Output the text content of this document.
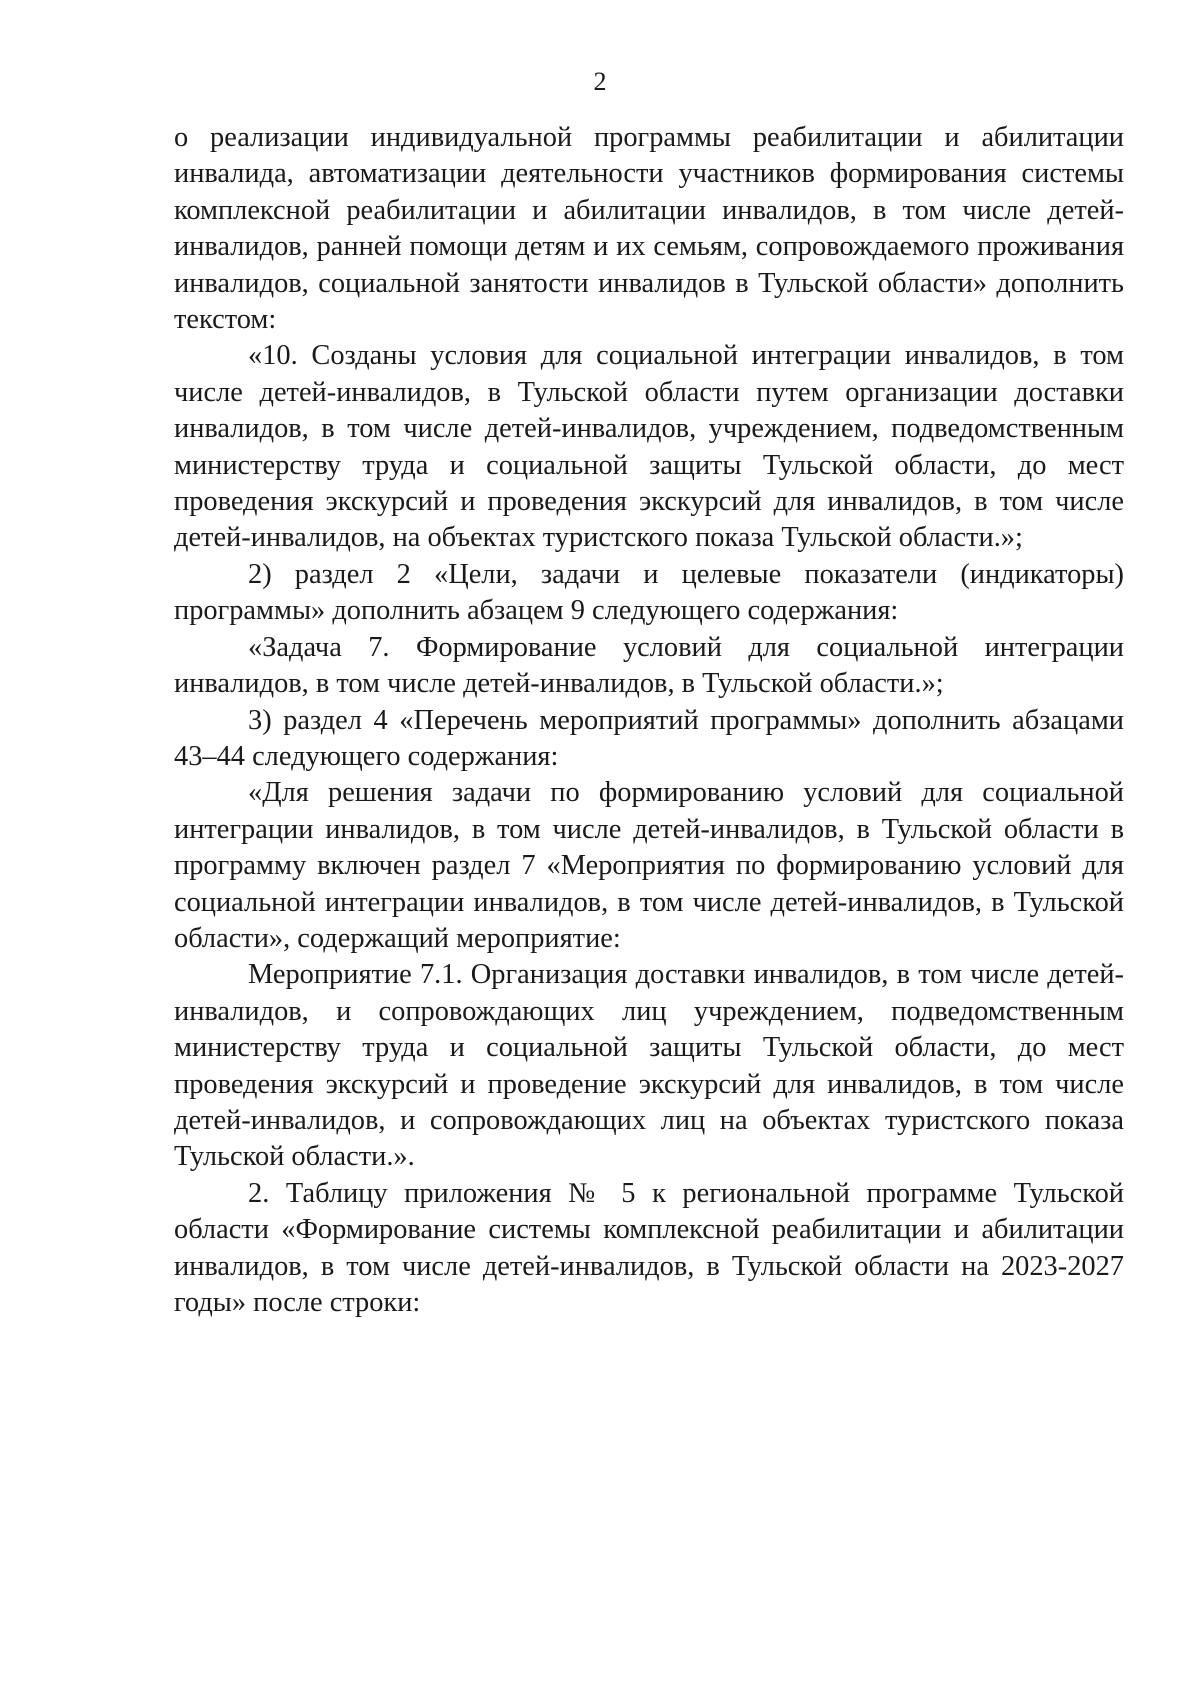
2

о реализации индивидуальной программы реабилитации и абилитации инвалида, автоматизации деятельности участников формирования системы комплексной реабилитации и абилитации инвалидов, в том числе детей-инвалидов, ранней помощи детям и их семьям, сопровождаемого проживания инвалидов, социальной занятости инвалидов в Тульской области» дополнить текстом:

«10. Созданы условия для социальной интеграции инвалидов, в том числе детей-инвалидов, в Тульской области путем организации доставки инвалидов, в том числе детей-инвалидов, учреждением, подведомственным министерству труда и социальной защиты Тульской области, до мест проведения экскурсий и проведения экскурсий для инвалидов, в том числе детей-инвалидов, на объектах туристского показа Тульской области.»;

2) раздел 2 «Цели, задачи и целевые показатели (индикаторы) программы» дополнить абзацем 9 следующего содержания:

«Задача 7. Формирование условий для социальной интеграции инвалидов, в том числе детей-инвалидов, в Тульской области.»;

3) раздел 4 «Перечень мероприятий программы» дополнить абзацами 43–44 следующего содержания:

«Для решения задачи по формированию условий для социальной интеграции инвалидов, в том числе детей-инвалидов, в Тульской области в программу включен раздел 7 «Мероприятия по формированию условий для социальной интеграции инвалидов, в том числе детей-инвалидов, в Тульской области», содержащий мероприятие:

Мероприятие 7.1. Организация доставки инвалидов, в том числе детей-инвалидов, и сопровождающих лиц учреждением, подведомственным министерству труда и социальной защиты Тульской области, до мест проведения экскурсий и проведение экскурсий для инвалидов, в том числе детей-инвалидов, и сопровождающих лиц на объектах туристского показа Тульской области.».

2. Таблицу приложения № 5 к региональной программе Тульской области «Формирование системы комплексной реабилитации и абилитации инвалидов, в том числе детей-инвалидов, в Тульской области на 2023-2027 годы» после строки:
